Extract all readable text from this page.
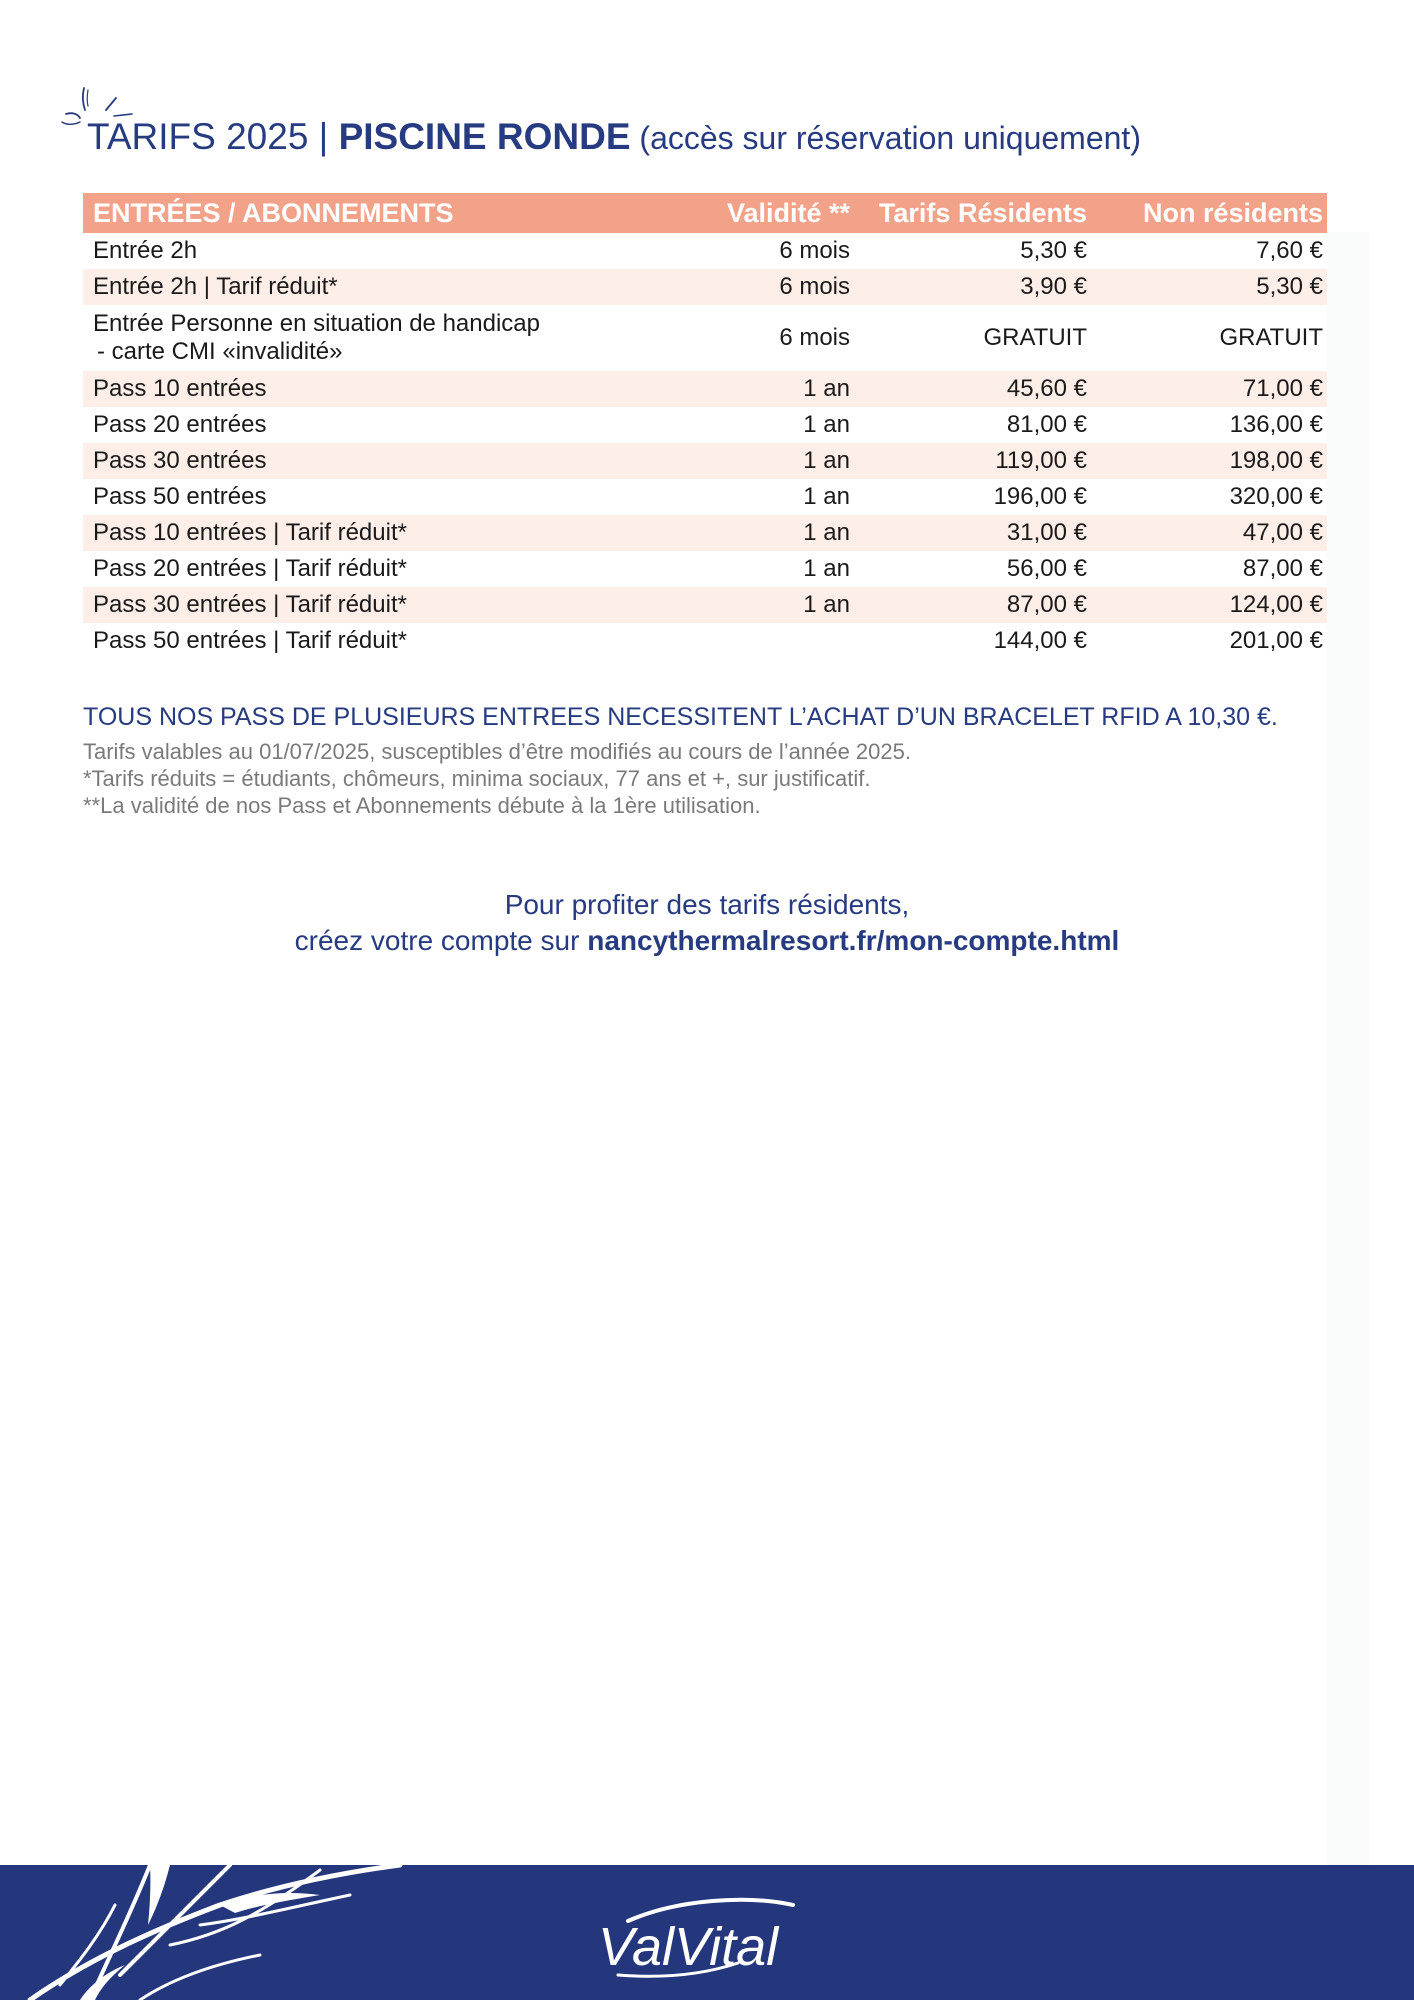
TARIFS 2025 | PISCINE RONDE (accès sur réservation uniquement)
ENTRÉES / ABONNEMENTS	Validité **	Tarifs Résidents	Non résidents
Entrée 2h	6 mois	5,30 €	7,60 €
Entrée 2h | Tarif réduit*	6 mois	3,90 €	5,30 €
Entrée Personne en situation de handicap
- carte CMI «invalidité»	6 mois	GRATUIT	GRATUIT
Pass 10 entrées	1 an	45,60 €	71,00 €
Pass 20 entrées	1 an	81,00 €	136,00 €
Pass 30 entrées	1 an	119,00 €	198,00 €
Pass 50 entrées	1 an	196,00 €	320,00 €
Pass 10 entrées | Tarif réduit*	1 an	31,00 €	47,00 €
Pass 20 entrées | Tarif réduit*	1 an	56,00 €	87,00 €
Pass 30 entrées | Tarif réduit*	1 an	87,00 €	124,00 €
Pass 50 entrées | Tarif réduit*		144,00 €	201,00 €

TOUS NOS PASS DE PLUSIEURS ENTREES NECESSITENT L’ACHAT D’UN BRACELET RFID A 10,30 €.

Tarifs valables au 01/07/2025, susceptibles d’être modifiés au cours de l’année 2025.

*Tarifs réduits = étudiants, chômeurs, minima sociaux, 77 ans et +, sur justificatif.

**La validité de nos Pass et Abonnements débute à la 1ère utilisation.

Pour profiter des tarifs résidents,
créez votre compte sur nancythermalresort.fr/mon-compte.html
ValVital
